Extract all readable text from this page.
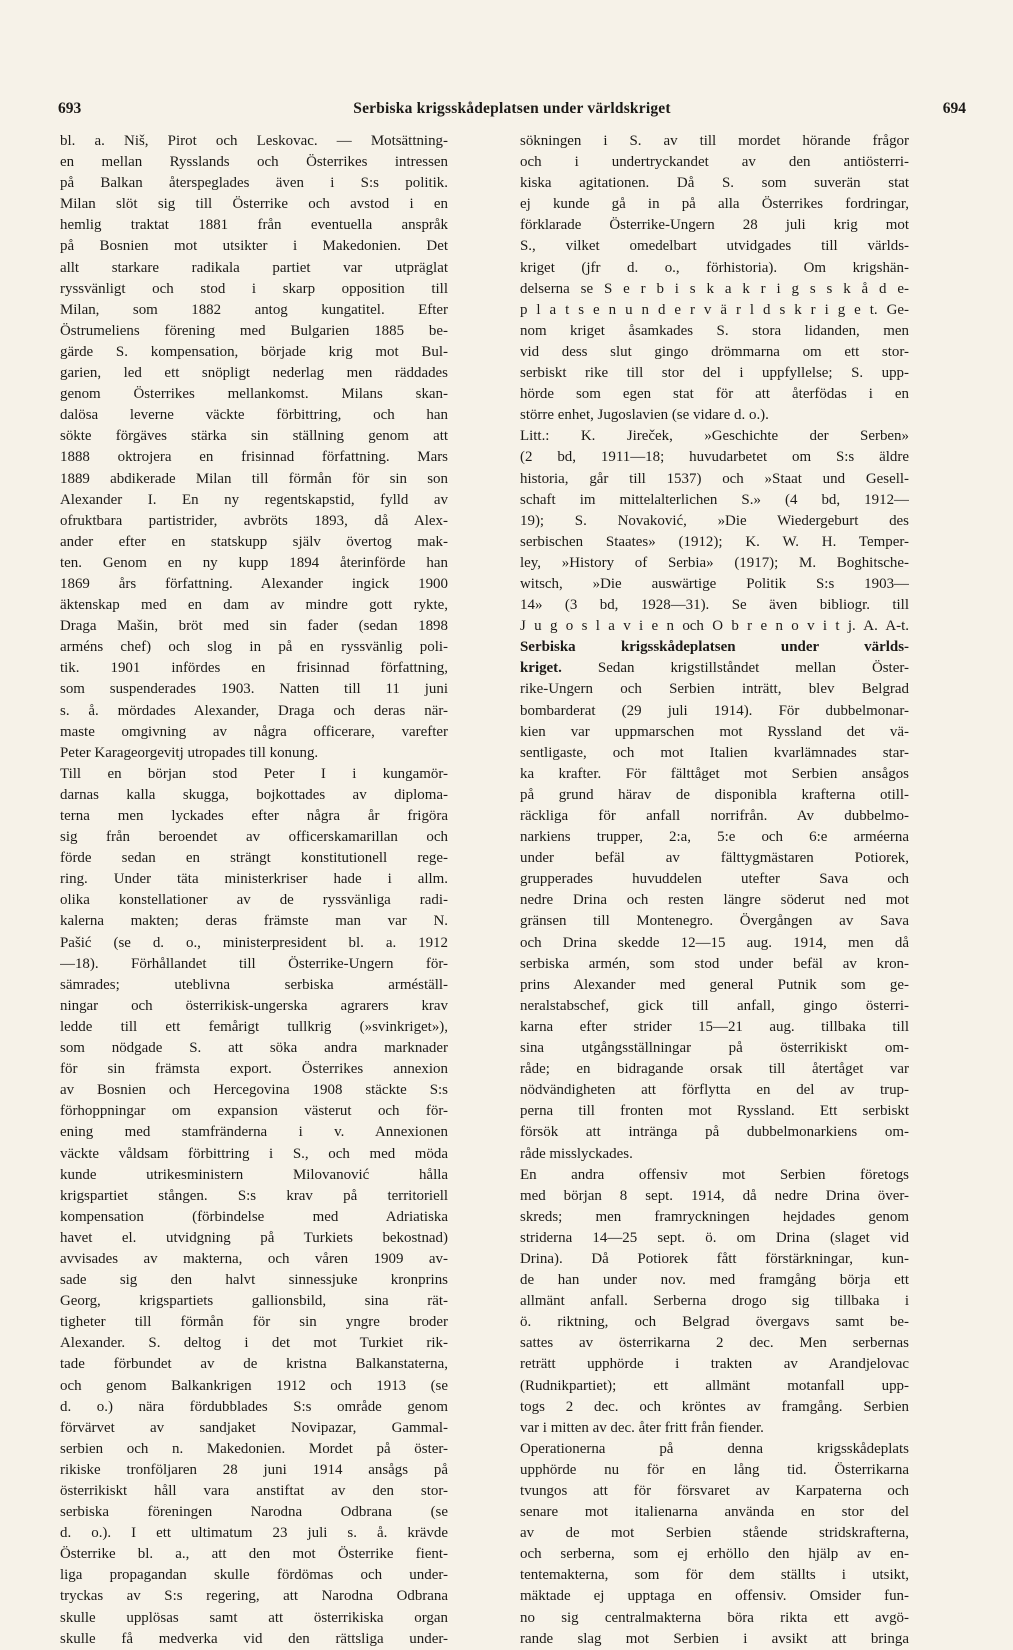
693	Serbiska krigsskådeplatsen under världskriget	694
bl. a. Niš, Pirot och Leskovac. — Motsättning-
en mellan Rysslands och Österrikes intressen
på Balkan återspeglades även i S:s politik.
Milan slöt sig till Österrike och avstod i en
hemlig traktat 1881 från eventuella anspråk
på Bosnien mot utsikter i Makedonien. Det
allt starkare radikala partiet var utpräglat
ryssvänligt och stod i skarp opposition till
Milan, som 1882 antog kungatitel. Efter
Östrumeliens förening med Bulgarien 1885 be-
gärde S. kompensation, började krig mot Bul-
garien, led ett snöpligt nederlag men räddades
genom Österrikes mellankomst. Milans skan-
dalösa leverne väckte förbittring, och han
sökte förgäves stärka sin ställning genom att
1888 oktrojera en frisinnad författning. Mars
1889 abdikerade Milan till förmån för sin son
Alexander I. En ny regentskapstid, fylld av
ofruktbara partistrider, avbröts 1893, då Alex-
ander efter en statskupp själv övertog mak-
ten. Genom en ny kupp 1894 återinförde han
1869 års författning. Alexander ingick 1900
äktenskap med en dam av mindre gott rykte,
Draga Mašin, bröt med sin fader (sedan 1898
arméns chef) och slog in på en ryssvänlig poli-
tik. 1901 infördes en frisinnad författning,
som suspenderades 1903. Natten till 11 juni
s. å. mördades Alexander, Draga och deras när-
maste omgivning av några officerare, varefter
Peter Karageorgevitj utropades till konung.
Till en början stod Peter I i kungamör-
darnas kalla skugga, bojkottades av diploma-
terna men lyckades efter några år frigöra
sig från beroendet av officerskamarillan och
förde sedan en strängt konstitutionell rege-
ring. Under täta ministerkriser hade i allm.
olika konstellationer av de ryssvänliga radi-
kalerna makten; deras främste man var N.
Pašić (se d. o., ministerpresident bl. a. 1912
—18). Förhållandet till Österrike-Ungern för-
sämrades; uteblivna serbiska arméställ-
ningar och österrikisk-ungerska agrarers krav
ledde till ett femårigt tullkrig (»svinkriget»),
som nödgade S. att söka andra marknader
för sin främsta export. Österrikes annexion
av Bosnien och Hercegovina 1908 stäckte S:s
förhoppningar om expansion västerut och för-
ening med stamfränderna i v. Annexionen
väckte våldsam förbittring i S., och med möda
kunde utrikesministern Milovanović hålla
krigspartiet stången. S:s krav på territoriell
kompensation (förbindelse med Adriatiska
havet el. utvidgning på Turkiets bekostnad)
avvisades av makterna, och våren 1909 av-
sade sig den halvt sinnessjuke kronprins
Georg, krigspartiets gallionsbild, sina rät-
tigheter till förmån för sin yngre broder
Alexander. S. deltog i det mot Turkiet rik-
tade förbundet av de kristna Balkanstaterna,
och genom Balkankrigen 1912 och 1913 (se
d. o.) nära fördubblades S:s område genom
förvärvet av sandjaket Novipazar, Gammal-
serbien och n. Makedonien. Mordet på öster-
rikiske tronföljaren 28 juni 1914 ansågs på
österrikiskt håll vara anstiftat av den stor-
serbiska föreningen Narodna Odbrana (se
d. o.). I ett ultimatum 23 juli s. å. krävde
Österrike bl. a., att den mot Österrike fient-
liga propagandan skulle fördömas och under-
tryckas av S:s regering, att Narodna Odbrana
skulle upplösas samt att österrikiska organ
skulle få medverka vid den rättsliga under-
sökningen i S. av till mordet hörande frågor
och i undertryckandet av den antiösterri-
kiska agitationen. Då S. som suverän stat
ej kunde gå in på alla Österrikes fordringar,
förklarade Österrike-Ungern 28 juli krig mot
S., vilket omedelbart utvidgades till världs-
kriget (jfr d. o., förhistoria). Om krigshän-
delserna se S e r b i s k a k r i g s s k å d e-
p l a t s e n u n d e r v ä r l d s k r i g e t. Ge-
nom kriget åsamkades S. stora lidanden, men
vid dess slut gingo drömmarna om ett stor-
serbiskt rike till stor del i uppfyllelse; S. upp-
hörde som egen stat för att återfödas i en
större enhet, Jugoslavien (se vidare d. o.).
Litt.: K. Jireček, »Geschichte der Serben»
(2 bd, 1911—18; huvudarbetet om S:s äldre
historia, går till 1537) och »Staat und Gesell-
schaft im mittelalterlichen S.» (4 bd, 1912—
19); S. Novaković, »Die Wiedergeburt des
serbischen Staates» (1912); K. W. H. Temper-
ley, »History of Serbia» (1917); M. Boghitsche-
witsch, »Die auswärtige Politik S:s 1903—
14» (3 bd, 1928—31). Se även bibliogr. till
J u g o s l a v i e n och O b r e n o v i t j. A. A-t.
Serbiska krigsskådeplatsen under världs-
kriget. Sedan krigstillståndet mellan Öster-
rike-Ungern och Serbien inträtt, blev Belgrad
bombarderat (29 juli 1914). För dubbelmonar-
kien var uppmarschen mot Ryssland det vä-
sentligaste, och mot Italien kvarlämnades star-
ka krafter. För fälttåget mot Serbien ansågos
på grund härav de disponibla krafterna otill-
räckliga för anfall norrifrån. Av dubbelmo-
narkiens trupper, 2:a, 5:e och 6:e arméerna
under befäl av fälttygmästaren Potiorek,
grupperades huvuddelen utefter Sava och
nedre Drina och resten längre söderut ned mot
gränsen till Montenegro. Övergången av Sava
och Drina skedde 12—15 aug. 1914, men då
serbiska armén, som stod under befäl av kron-
prins Alexander med general Putnik som ge-
neralstabschef, gick till anfall, gingo österri-
karna efter strider 15—21 aug. tillbaka till
sina utgångsställningar på österrikiskt om-
råde; en bidragande orsak till återtåget var
nödvändigheten att förflytta en del av trup-
perna till fronten mot Ryssland. Ett serbiskt
försök att intränga på dubbelmonarkiens om-
råde misslyckades.
En andra offensiv mot Serbien företogs
med början 8 sept. 1914, då nedre Drina över-
skreds; men framryckningen hejdades genom
striderna 14—25 sept. ö. om Drina (slaget vid
Drina). Då Potiorek fått förstärkningar, kun-
de han under nov. med framgång börja ett
allmänt anfall. Serberna drogo sig tillbaka i
ö. riktning, och Belgrad övergavs samt be-
sattes av österrikarna 2 dec. Men serbernas
reträtt upphörde i trakten av Arandjelovac
(Rudnikpartiet); ett allmänt motanfall upp-
togs 2 dec. och kröntes av framgång. Serbien
var i mitten av dec. åter fritt från fiender.
Operationerna på denna krigsskådeplats
upphörde nu för en lång tid. Österrikarna
tvungos att för försvaret av Karpaterna och
senare mot italienarna använda en stor del
av de mot Serbien stående stridskrafterna,
och serberna, som ej erhöllo den hjälp av en-
tentemakterna, som för dem ställts i utsikt,
mäktade ej upptaga en offensiv. Omsider fun-
no sig centralmakterna böra rikta ett avgö-
rande slag mot Serbien i avsikt att bringa
